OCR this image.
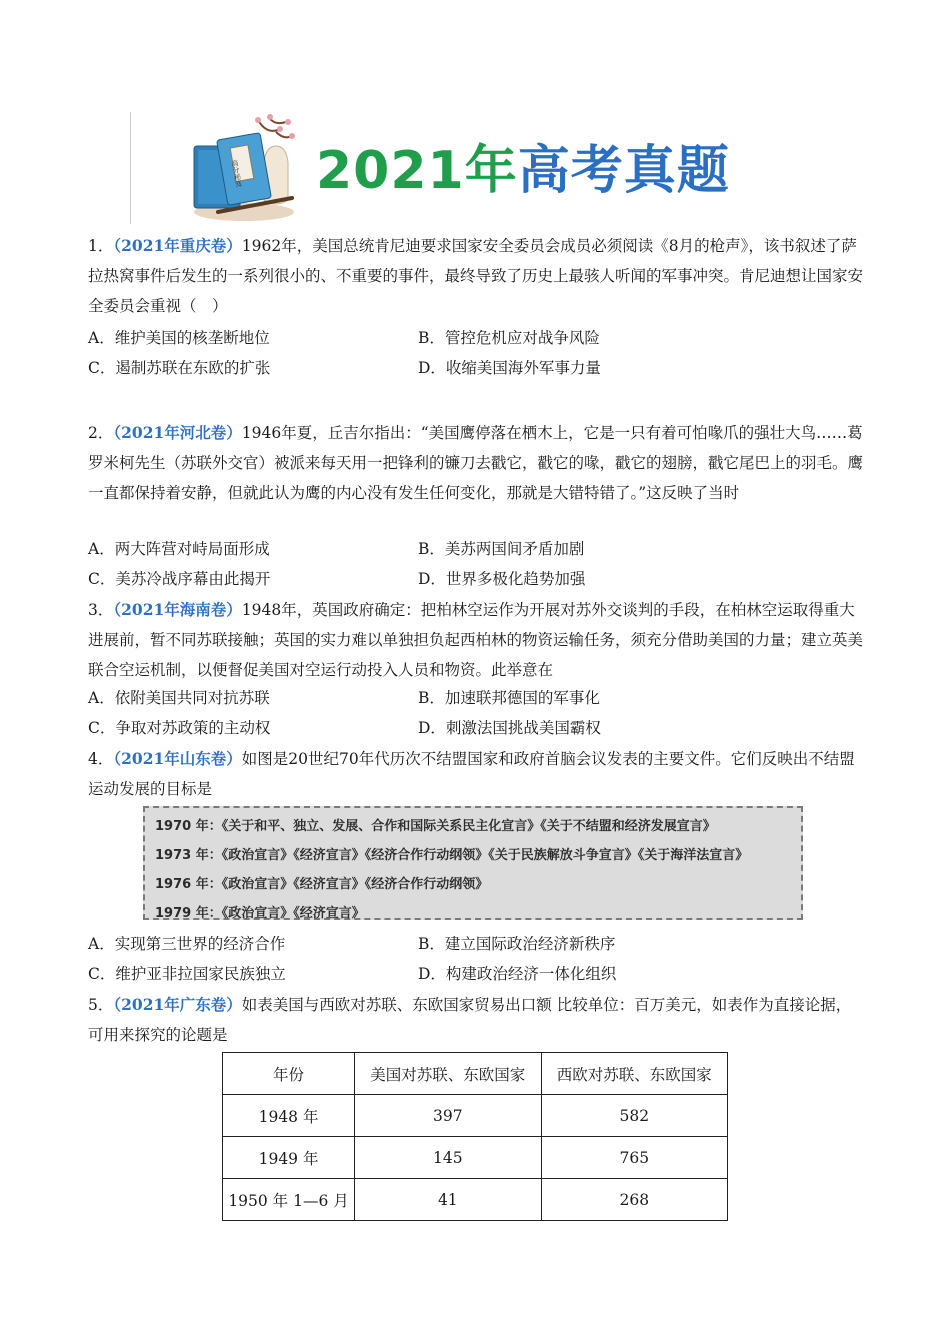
高分秘笈 2021年高考真题
1．（2021年重庆卷）1962年，美国总统肯尼迪要求国家安全委员会成员必须阅读《8月的枪声》，该书叙述了萨拉热窝事件后发生的一系列很小的、不重要的事件，最终导致了历史上最骇人听闻的军事冲突。肯尼迪想让国家安全委员会重视（　）
A．维护美国的核垄断地位	B．管控危机应对战争风险
C．遏制苏联在东欧的扩张	D．收缩美国海外军事力量
2．（2021年河北卷）1946年夏，丘吉尔指出：“美国鹰停落在栖木上，它是一只有着可怕喙爪的强壮大鸟……葛罗米柯先生（苏联外交官）被派来每天用一把锋利的镰刀去戳它，戳它的喙，戳它的翅膀，戳它尾巴上的羽毛。鹰一直都保持着安静，但就此认为鹰的内心没有发生任何变化，那就是大错特错了。”这反映了当时
A．两大阵营对峙局面形成	B．美苏两国间矛盾加剧
C．美苏冷战序幕由此揭开	D．世界多极化趋势加强
3．（2021年海南卷）1948年，英国政府确定：把柏林空运作为开展对苏外交谈判的手段，在柏林空运取得重大进展前，暂不同苏联接触；英国的实力难以单独担负起西柏林的物资运输任务，须充分借助美国的力量；建立英美联合空运机制，以便督促美国对空运行动投入人员和物资。此举意在
A．依附美国共同对抗苏联	B．加速联邦德国的军事化
C．争取对苏政策的主动权	D．刺激法国挑战美国霸权
4．（2021年山东卷）如图是20世纪70年代历次不结盟国家和政府首脑会议发表的主要文件。它们反映出不结盟运动发展的目标是
1970 年：《关于和平、独立、发展、合作和国际关系民主化宣言》《关于不结盟和经济发展宣言》
1973 年：《政治宣言》《经济宣言》《经济合作行动纲领》《关于民族解放斗争宣言》《关于海洋法宣言》
1976 年：《政治宣言》《经济宣言》《经济合作行动纲领》
1979 年：《政治宣言》《经济宣言》
A．实现第三世界的经济合作	B．建立国际政治经济新秩序
C．维护亚非拉国家民族独立	D．构建政治经济一体化组织
5．（2021年广东卷）如表美国与西欧对苏联、东欧国家贸易出口额 比较单位：百万美元，如表作为直接论据，可用来探究的论题是
年份	美国对苏联、东欧国家	西欧对苏联、东欧国家
1948 年	397	582
1949 年	145	765
1950 年 1—6 月	41	268
